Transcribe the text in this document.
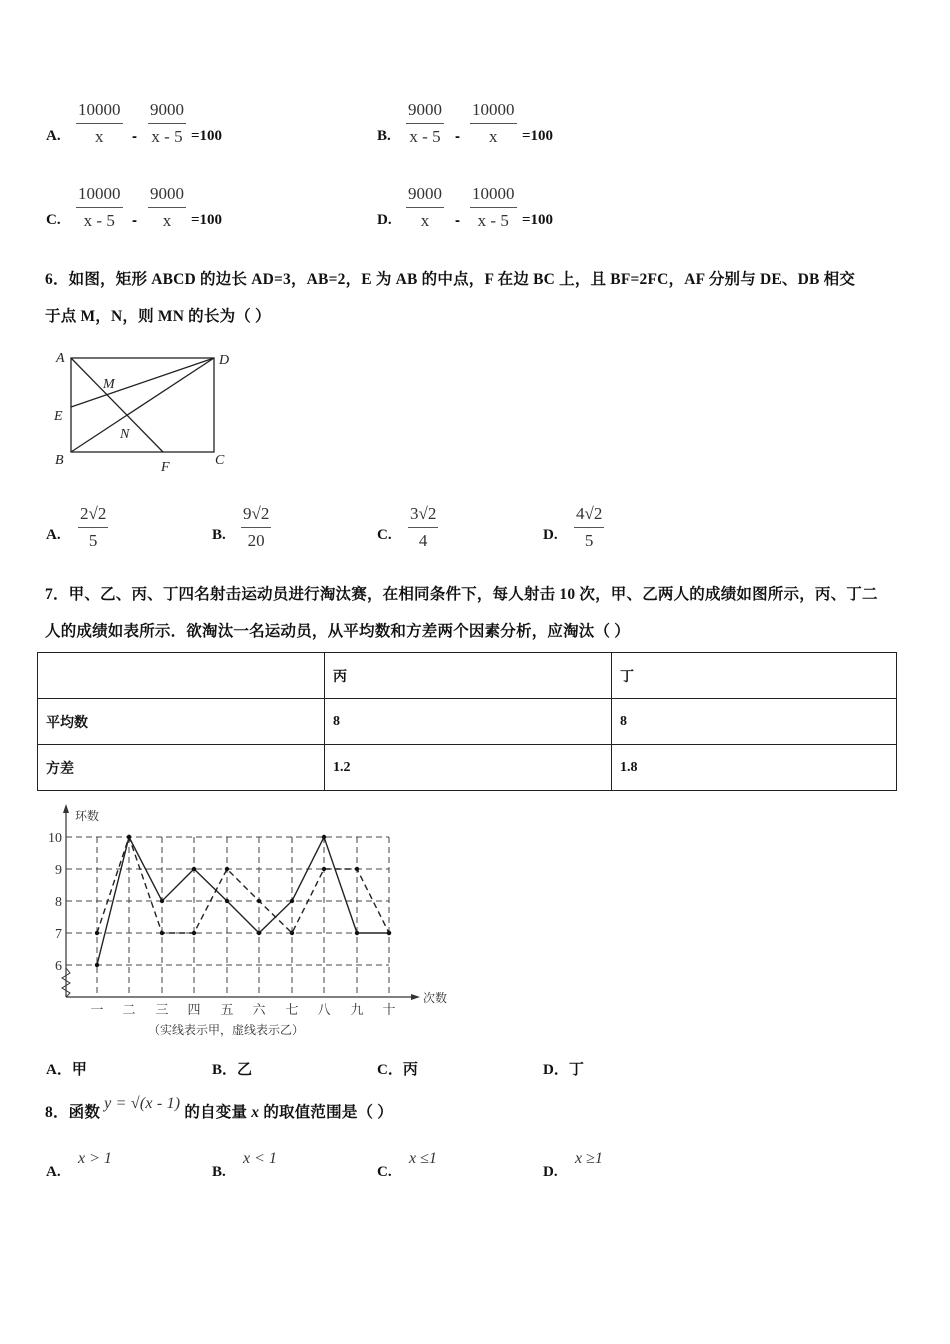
A. $\frac{10000}{x} - \frac{9000}{x - 5} =100$	B. $\frac{9000}{x - 5} - \frac{10000}{x} =100$
C. $\frac{10000}{x - 5} - \frac{9000}{x} =100$	D. $\frac{9000}{x} - \frac{10000}{x - 5} =100$
6．如图，矩形 ABCD 的边长 AD=3，AB=2，E 为 AB 的中点，F 在边 BC 上，且 BF=2FC，AF 分别与 DE、DB 相交
于点 M，N，则 MN 的长为（ ）
A	D
M
E
N
B	F	C
A. $\frac{2√2}{5}$	B. $\frac{9√2}{20}$	C. $\frac{3√2}{4}$	D. $\frac{4√2}{5}$
7．甲、乙、丙、丁四名射击运动员进行淘汰赛，在相同条件下，每人射击 10 次，甲、乙两人的成绩如图所示，丙、丁二
人的成绩如表所示．欲淘汰一名运动员，从平均数和方差两个因素分析，应淘汰（ ）
	丙	丁
平均数	8	8
方差	1.2	1.8
6
7
8
9
10
一 二 三 四 五 六 七 八 九 十
环数
次数
（实线表示甲，虚线表示乙）
A．甲	B．乙	C．丙	D．丁
8．函数 y = √(x - 1) 的自变量 x 的取值范围是（ ）
A.
x > 1
B.
x < 1
C.
x ≤1
D.
x ≥1
